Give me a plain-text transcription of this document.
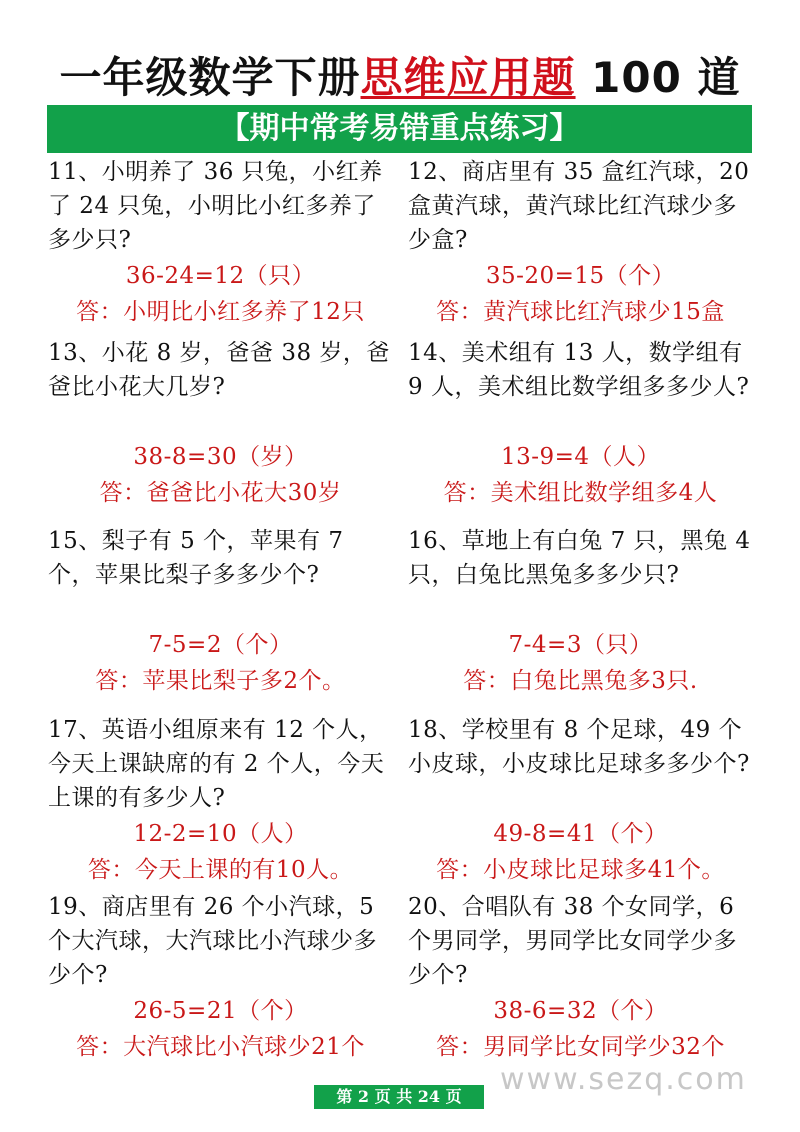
一年级数学下册思维应用题 100 道
【期中常考易错重点练习】
11、小明养了 36 只兔，小红养了 24 只兔，小明比小红多养了多少只?
36-24=12（只）
答：小明比小红多养了12只
12、商店里有 35 盒红汽球，20 盒黄汽球，黄汽球比红汽球少多少盒?
35-20=15（个）
答：黄汽球比红汽球少15盒
13、小花 8 岁，爸爸 38 岁，爸爸比小花大几岁?
38-8=30（岁）
答：爸爸比小花大30岁
14、美术组有 13 人，数学组有 9 人，美术组比数学组多多少人?
13-9=4（人）
答：美术组比数学组多4人
15、梨子有 5 个，苹果有 7 个，苹果比梨子多多少个?
7-5=2（个）
答：苹果比梨子多2个。
16、草地上有白兔 7 只，黑兔 4 只，白兔比黑兔多多少只?
7-4=3（只）
答：白兔比黑兔多3只.
17、英语小组原来有 12 个人，今天上课缺席的有 2 个人，今天上课的有多少人?
12-2=10（人）
答：今天上课的有10人。
18、学校里有 8 个足球，49 个小皮球，小皮球比足球多多少个?
49-8=41（个）
答：小皮球比足球多41个。
19、商店里有 26 个小汽球，5 个大汽球，大汽球比小汽球少多少个?
26-5=21（个）
答：大汽球比小汽球少21个
20、合唱队有 38 个女同学，6 个男同学，男同学比女同学少多少个?
38-6=32（个）
答：男同学比女同学少32个
www.sezq.com
第 2 页 共 24 页
